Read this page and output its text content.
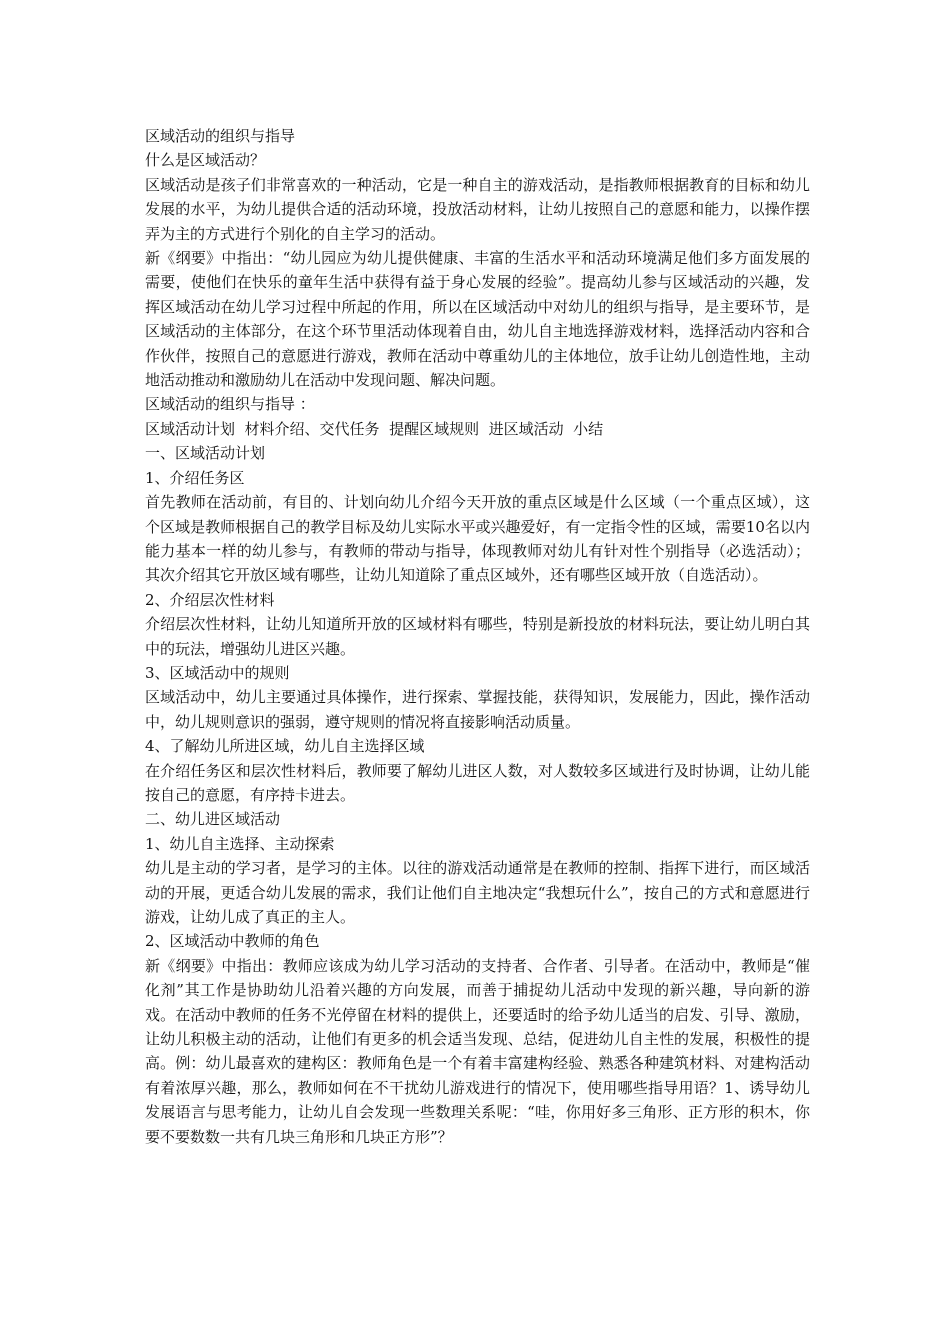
区域活动的组织与指导

什么是区域活动？

区域活动是孩子们非常喜欢的一种活动，它是一种自主的游戏活动，是指教师根据教育的目标和幼儿发展的水平，为幼儿提供合适的活动环境，投放活动材料，让幼儿按照自己的意愿和能力，以操作摆弄为主的方式进行个别化的自主学习的活动。

新《纲要》中指出：“幼儿园应为幼儿提供健康、丰富的生活水平和活动环境满足他们多方面发展的需要，使他们在快乐的童年生活中获得有益于身心发展的经验”。提高幼儿参与区域活动的兴趣，发挥区域活动在幼儿学习过程中所起的作用，所以在区域活动中对幼儿的组织与指导，是主要环节，是区域活动的主体部分，在这个环节里活动体现着自由，幼儿自主地选择游戏材料，选择活动内容和合作伙伴，按照自己的意愿进行游戏，教师在活动中尊重幼儿的主体地位，放手让幼儿创造性地，主动地活动推动和激励幼儿在活动中发现问题、解决问题。

区域活动的组织与指导 ：

区域活动计划  材料介绍、交代任务  提醒区域规则  进区域活动  小结

一、区域活动计划

1、介绍任务区

首先教师在活动前，有目的、计划向幼儿介绍今天开放的重点区域是什么区域（一个重点区域），这个区域是教师根据自己的教学目标及幼儿实际水平或兴趣爱好，有一定指令性的区域，需要10名以内能力基本一样的幼儿参与，有教师的带动与指导，体现教师对幼儿有针对性个别指导（必选活动）；其次介绍其它开放区域有哪些，让幼儿知道除了重点区域外，还有哪些区域开放（自选活动）。

2、介绍层次性材料

介绍层次性材料，让幼儿知道所开放的区域材料有哪些，特别是新投放的材料玩法，要让幼儿明白其中的玩法，增强幼儿进区兴趣。

3、区域活动中的规则

区域活动中，幼儿主要通过具体操作，进行探索、掌握技能，获得知识，发展能力，因此，操作活动中，幼儿规则意识的强弱，遵守规则的情况将直接影响活动质量。

4、了解幼儿所进区域，幼儿自主选择区域

在介绍任务区和层次性材料后，教师要了解幼儿进区人数，对人数较多区域进行及时协调，让幼儿能按自己的意愿，有序持卡进去。

二、幼儿进区域活动

1、幼儿自主选择、主动探索

幼儿是主动的学习者，是学习的主体。以往的游戏活动通常是在教师的控制、指挥下进行，而区域活动的开展，更适合幼儿发展的需求，我们让他们自主地决定“我想玩什么”，按自己的方式和意愿进行游戏，让幼儿成了真正的主人。

2、区域活动中教师的角色

新《纲要》中指出：教师应该成为幼儿学习活动的支持者、合作者、引导者。在活动中，教师是“催化剂”其工作是协助幼儿沿着兴趣的方向发展，而善于捕捉幼儿活动中发现的新兴趣，导向新的游戏。在活动中教师的任务不光停留在材料的提供上，还要适时的给予幼儿适当的启发、引导、激励，让幼儿积极主动的活动，让他们有更多的机会适当发现、总结，促进幼儿自主性的发展，积极性的提高。例：幼儿最喜欢的建构区：教师角色是一个有着丰富建构经验、熟悉各种建筑材料、对建构活动有着浓厚兴趣，那么，教师如何在不干扰幼儿游戏进行的情况下，使用哪些指导用语？1、诱导幼儿发展语言与思考能力，让幼儿自会发现一些数理关系呢：“哇，你用好多三角形、正方形的积木，你要不要数数一共有几块三角形和几块正方形”？
